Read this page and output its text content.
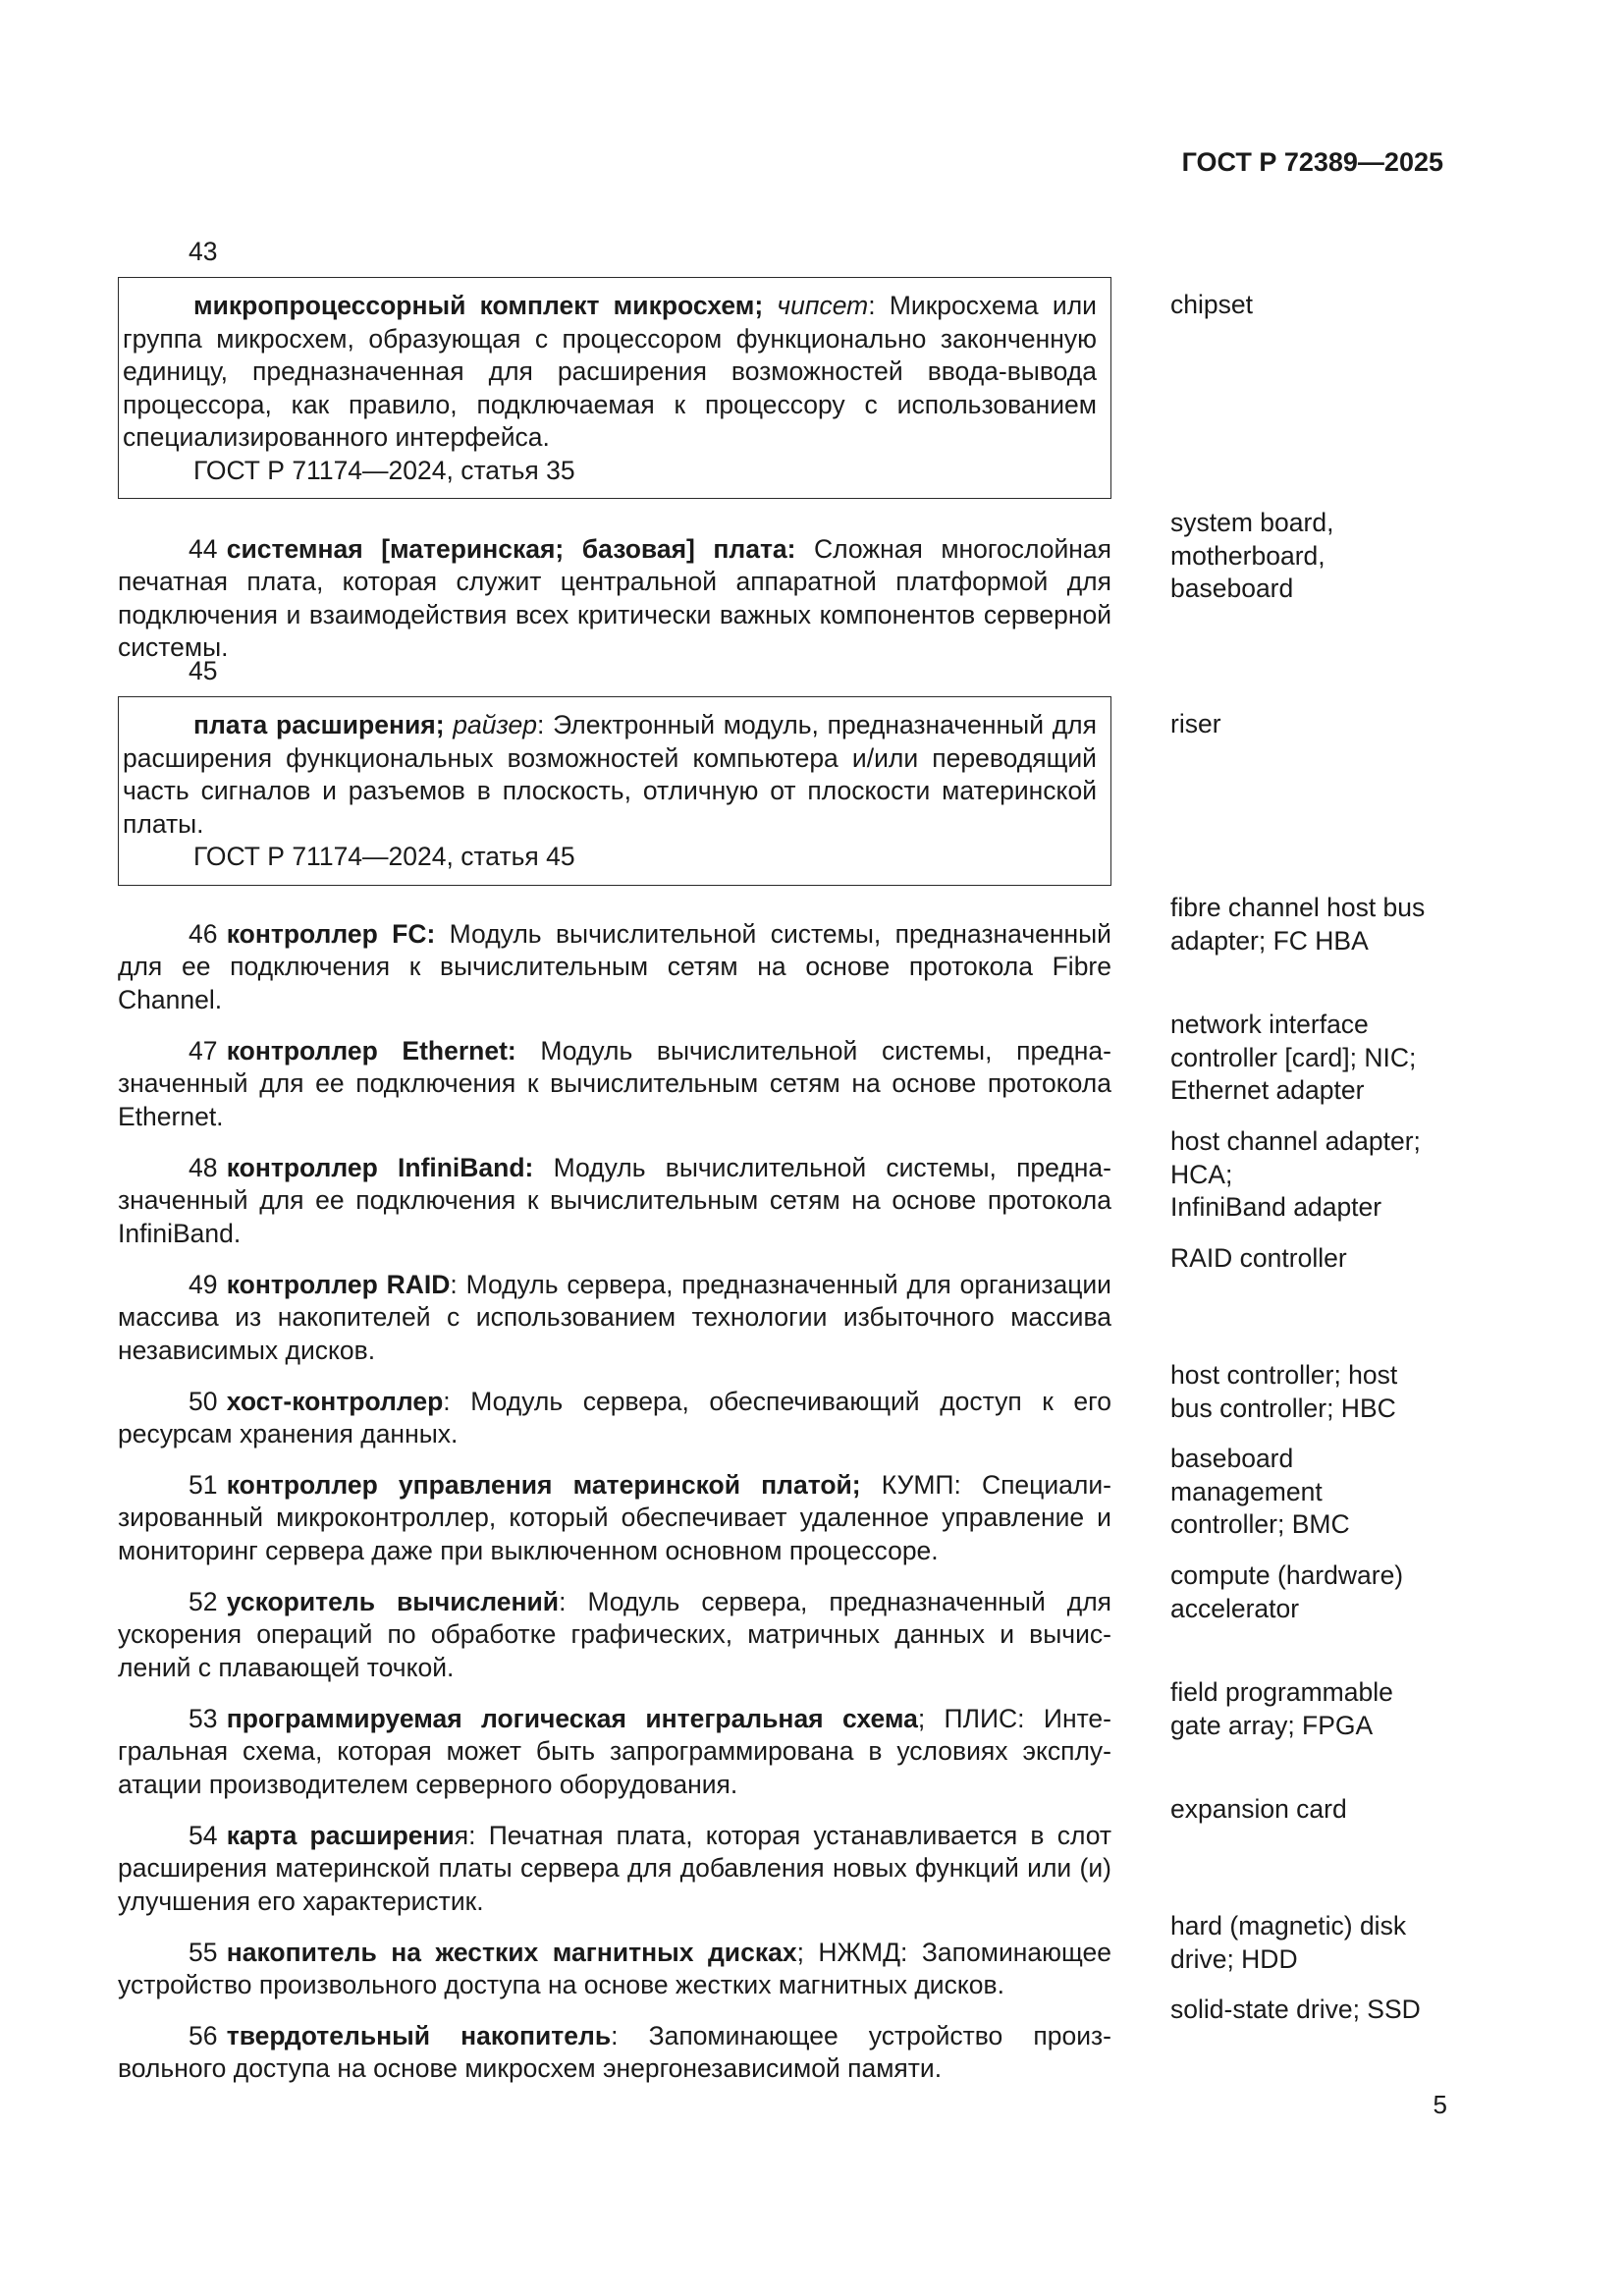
ГОСТ Р 72389—2025
43

микропроцессорный комплект микросхем; чипсет: Микросхема или группа микросхем, образующая с процессором функционально законченную единицу, предназначенная для расширения возможностей ввода-вывода процессора, как правило, подключаемая к процессору с использованием специализированного интерфейса.

ГОСТ Р 71174—2024, статья 35

chipset

44 системная [материнская; базовая] плата: Сложная многослойная печатная плата, которая служит центральной аппаратной платформой для подключения и взаимодействия всех критически важных компонентов серверной системы.

system board,
motherboard,
baseboard
45

плата расширения; райзер: Электронный модуль, предназначенный для расширения функциональных возможностей компьютера и/или переводящий часть сигналов и разъемов в плоскость, отличную от плоскости материнской платы.

ГОСТ Р 71174—2024, статья 45

riser

46 контроллер FC: Модуль вычислительной системы, предназначенный для ее подключения к вычислительным сетям на основе протокола Fibre Channel.

fibre channel host bus
adapter; FC HBA

47 контроллер Ethernet: Модуль вычислительной системы, предназначенный для ее подключения к вычислительным сетям на основе протокола Ethernet.

network interface
controller [card]; NIC;
Ethernet adapter

48 контроллер InfiniBand: Модуль вычислительной системы, предназначенный для ее подключения к вычислительным сетям на основе протокола InfiniBand.

host channel adapter;
HCA;
InfiniBand adapter

49 контроллер RAID: Модуль сервера, предназначенный для организации массива из накопителей с использованием технологии избыточного массива независимых дисков.

RAID controller

50 хост-контроллер: Модуль сервера, обеспечивающий доступ к его ресурсам хранения данных.

host controller; host
bus controller; HBC

51 контроллер управления материнской платой; КУМП: Специализированный микроконтроллер, который обеспечивает удаленное управление и мониторинг сервера даже при выключенном основном процессоре.

baseboard
management
controller; BMC

52 ускоритель вычислений: Модуль сервера, предназначенный для ускорения операций по обработке графических, матричных данных и вычислений с плавающей точкой.

compute (hardware)
accelerator

53 программируемая логическая интегральная схема; ПЛИС: Интегральная схема, которая может быть запрограммирована в условиях эксплуатации производителем серверного оборудования.

field programmable
gate array; FPGA

54 карта расширения: Печатная плата, которая устанавливается в слот расширения материнской платы сервера для добавления новых функций или (и) улучшения его характеристик.

expansion card

55 накопитель на жестких магнитных дисках; НЖМД: Запоминающее устройство произвольного доступа на основе жестких магнитных дисков.

hard (magnetic) disk
drive; HDD

56 твердотельный накопитель: Запоминающее устройство произвольного доступа на основе микросхем энергонезависимой памяти.

solid-state drive; SSD
5
